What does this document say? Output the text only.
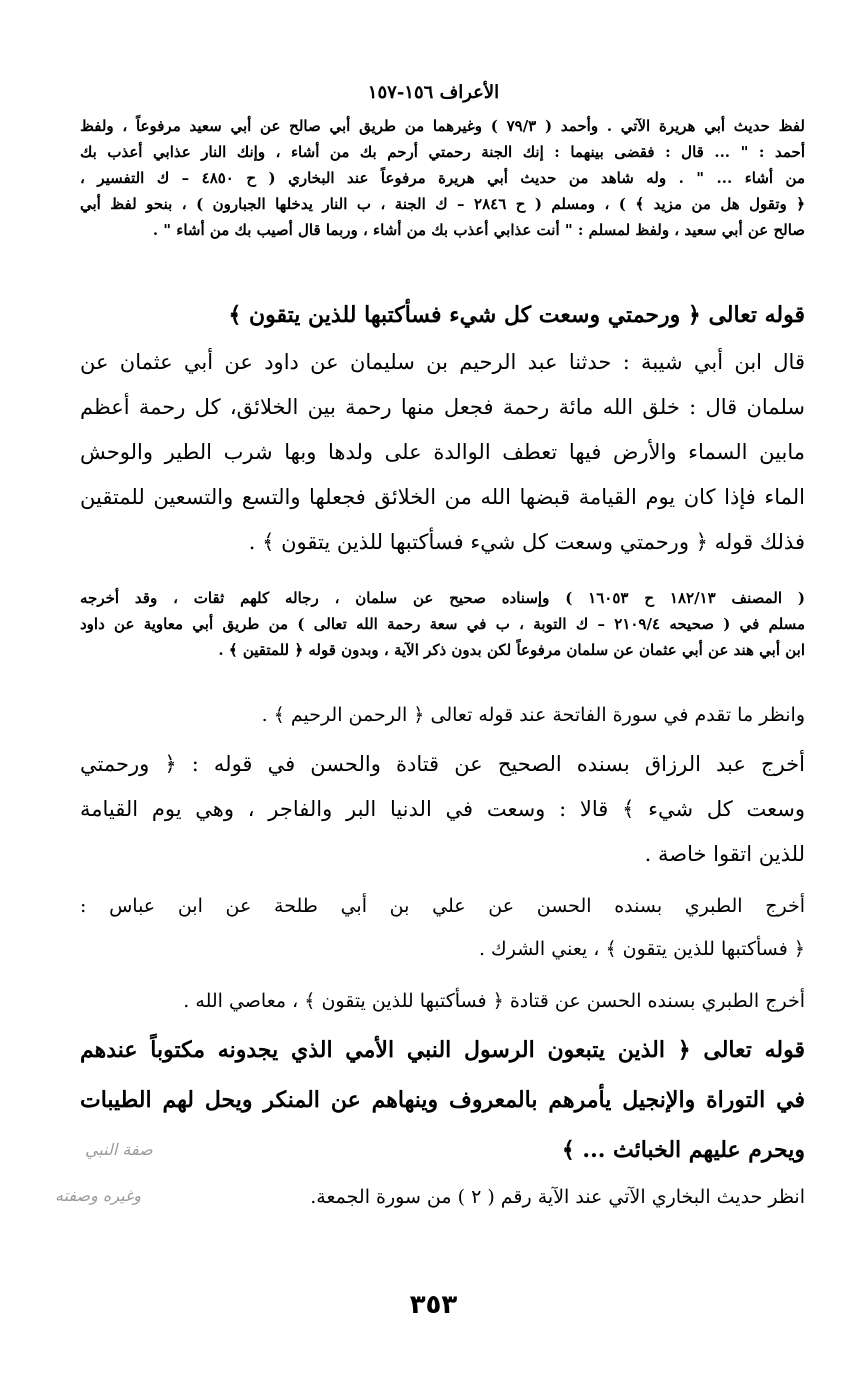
الأعراف ١٥٦-١٥٧
لفظ حديث أبي هريرة الآتي . وأحمد ( ٧٩/٣ ) وغيرهما من طريق أبي صالح عن أبي سعيد مرفوعاً ، ولفظ
أحمد : " ... قال : فقضى بينهما : إنك الجنة رحمتي أرحم بك من أشاء ، وإنك النار عذابي أعذب بك
من أشاء ... " . وله شاهد من حديث أبي هريرة مرفوعاً عند البخاري ( ح ٤٨٥٠ – ك التفسير ،
﴿ وتقول هل من مزيد ﴾ ) ، ومسلم ( ح ٢٨٤٦ – ك الجنة ، ب النار يدخلها الجبارون ) ، بنحو لفظ أبي
صالح عن أبي سعيد ، ولفظ لمسلم : " أنت عذابي أعذب بك من أشاء ، وربما قال أصيب بك من أشاء " .
قوله تعالى ﴿ ورحمتي وسعت كل شيء فسأكتبها للذين يتقون ﴾
قال ابن أبي شيبة : حدثنا عبد الرحيم بن سليمان عن داود عن أبي عثمان عن
سلمان قال : خلق الله مائة رحمة فجعل منها رحمة بين الخلائق، كل رحمة أعظم
مابين السماء والأرض فيها تعطف الوالدة على ولدها وبها شرب الطير والوحش
الماء فإذا كان يوم القيامة قبضها الله من الخلائق فجعلها والتسع والتسعين للمتقين
فذلك قوله ﴿ ورحمتي وسعت كل شيء فسأكتبها للذين يتقون ﴾ .
( المصنف ١٨٢/١٣ ح ١٦٠٥٣ ) وإسناده صحيح عن سلمان ، رجاله كلهم ثقات ، وقد أخرجه
مسلم في ( صحيحه ٢١٠٩/٤ – ك التوبة ، ب في سعة رحمة الله تعالى ) من طريق أبي معاوية عن داود
ابن أبي هند عن أبي عثمان عن سلمان مرفوعاً لكن بدون ذكر الآية ، وبدون قوله ﴿ للمتقين ﴾ .
وانظر ما تقدم في سورة الفاتحة عند قوله تعالى ﴿ الرحمن الرحيم ﴾ .
أخرج عبد الرزاق بسنده الصحيح عن قتادة والحسن في قوله : ﴿ ورحمتي
وسعت كل شيء ﴾ قالا : وسعت في الدنيا البر والفاجر ، وهي يوم القيامة
للذين اتقوا خاصة .
أخرج الطبري بسنده الحسن عن علي بن أبي طلحة عن ابن عباس :
﴿ فسأكتبها للذين يتقون ﴾ ، يعني الشرك .
أخرج الطبري بسنده الحسن عن قتادة ﴿ فسأكتبها للذين يتقون ﴾ ، معاصي الله .
قوله تعالى ﴿ الذين يتبعون الرسول النبي الأمي الذي يجدونه مكتوباً عندهم
في التوراة والإنجيل يأمرهم بالمعروف وينهاهم عن المنكر ويحل لهم الطيبات
ويحرم عليهم الخبائث ... ﴾
انظر حديث البخاري الآتي عند الآية رقم ( ٢ ) من سورة الجمعة.
صفة النبي
وغيره وصفته
٣٥٣
